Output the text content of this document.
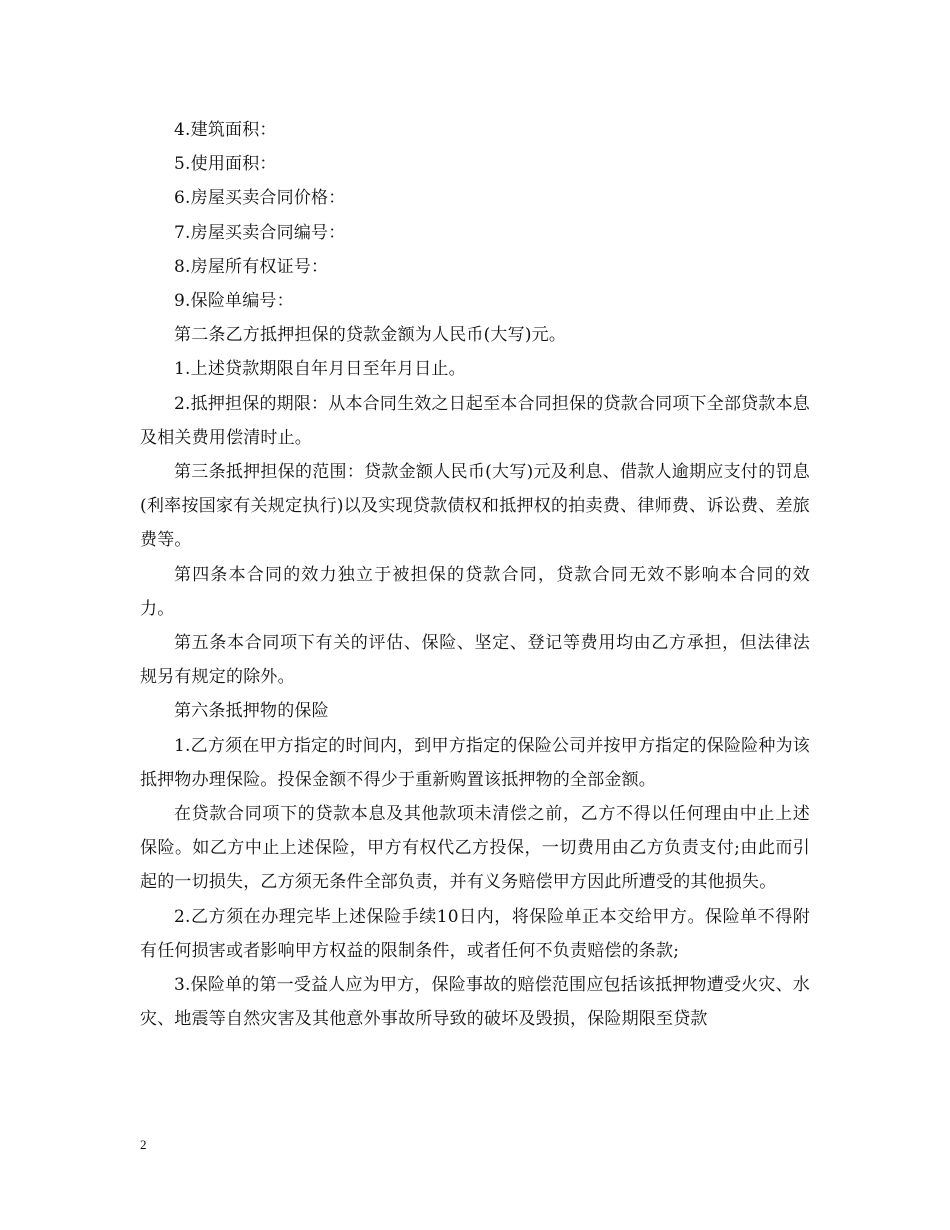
4.建筑面积：

5.使用面积：

6.房屋买卖合同价格：

7.房屋买卖合同编号：

8.房屋所有权证号：

9.保险单编号：

第二条乙方抵押担保的贷款金额为人民币(大写)元。

1.上述贷款期限自年月日至年月日止。

2.抵押担保的期限：从本合同生效之日起至本合同担保的贷款合同项下全部贷款本息及相关费用偿清时止。

第三条抵押担保的范围：贷款金额人民币(大写)元及利息、借款人逾期应支付的罚息(利率按国家有关规定执行)以及实现贷款债权和抵押权的拍卖费、律师费、诉讼费、差旅费等。

第四条本合同的效力独立于被担保的贷款合同，贷款合同无效不影响本合同的效力。

第五条本合同项下有关的评估、保险、坚定、登记等费用均由乙方承担，但法律法规另有规定的除外。

第六条抵押物的保险

1.乙方须在甲方指定的时间内，到甲方指定的保险公司并按甲方指定的保险险种为该抵押物办理保险。投保金额不得少于重新购置该抵押物的全部金额。

在贷款合同项下的贷款本息及其他款项未清偿之前，乙方不得以任何理由中止上述保险。如乙方中止上述保险，甲方有权代乙方投保，一切费用由乙方负责支付;由此而引起的一切损失，乙方须无条件全部负责，并有义务赔偿甲方因此所遭受的其他损失。

2.乙方须在办理完毕上述保险手续10日内，将保险单正本交给甲方。保险单不得附有任何损害或者影响甲方权益的限制条件，或者任何不负责赔偿的条款;

3.保险单的第一受益人应为甲方，保险事故的赔偿范围应包括该抵押物遭受火灾、水灾、地震等自然灾害及其他意外事故所导致的破坏及毁损，保险期限至贷款

2
